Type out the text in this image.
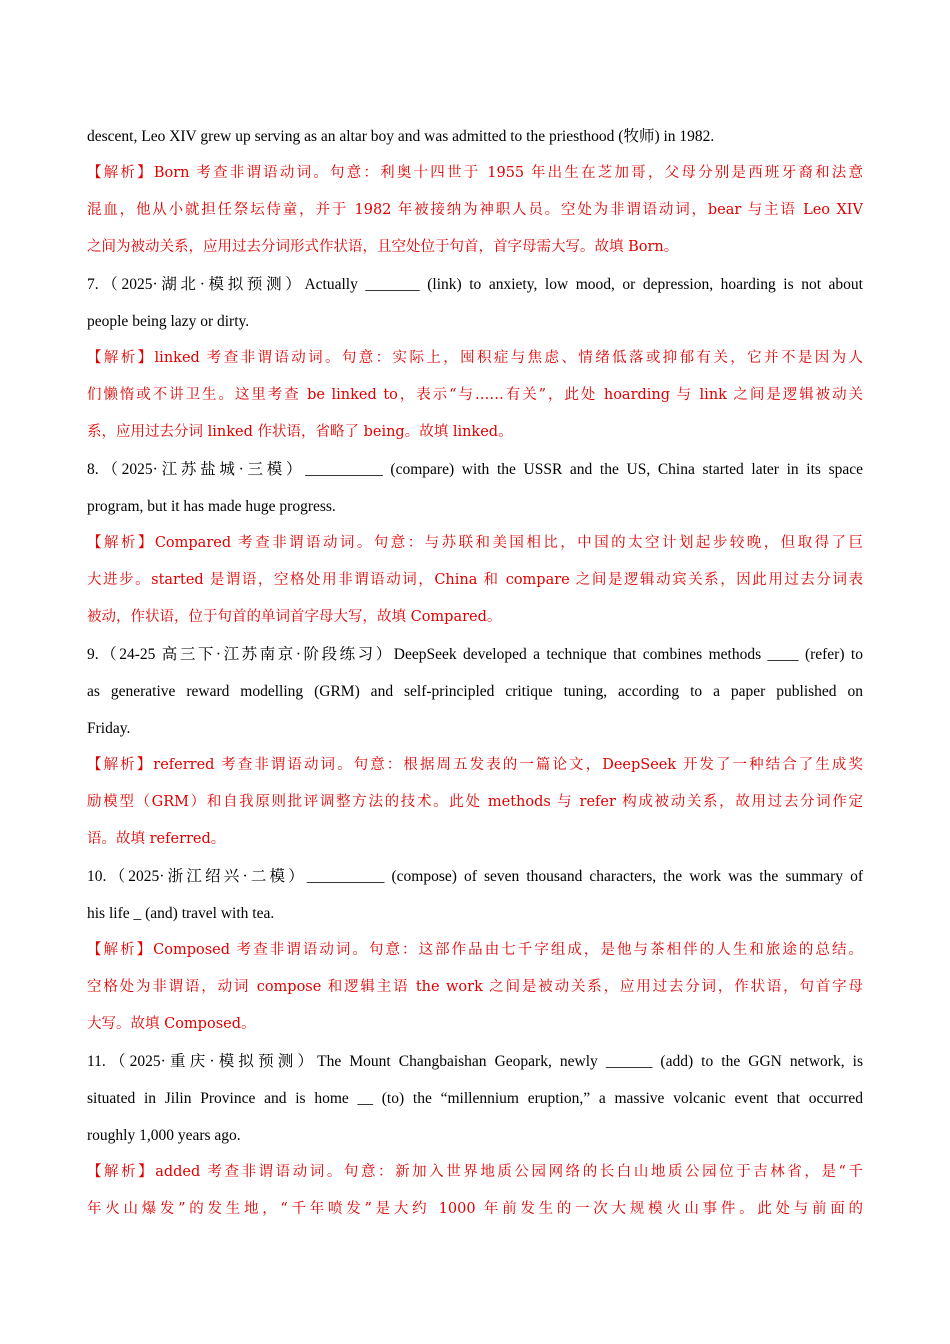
descent, Leo XIV grew up serving as an altar boy and was admitted to the priesthood (牧师) in 1982.
【解析】Born 考查非谓语动词。句意：利奥十四世于 1955 年出生在芝加哥，父母分别是西班牙裔和法意
混血，他从小就担任祭坛侍童，并于 1982 年被接纳为神职人员。空处为非谓语动词，bear 与主语 Leo XIV
之间为被动关系，应用过去分词形式作状语，且空处位于句首，首字母需大写。故填 Born。
7.（2025·湖北·模拟预测）Actually _______ (link) to anxiety, low mood, or depression, hoarding is not about
people being lazy or dirty.
【解析】linked 考查非谓语动词。句意：实际上，囤积症与焦虑、情绪低落或抑郁有关，它并不是因为人
们懒惰或不讲卫生。这里考查 be linked to，表示“与……有关”，此处 hoarding 与 link 之间是逻辑被动关
系，应用过去分词 linked 作状语，省略了 being。故填 linked。
8.（2025·江苏盐城·三模）__________ (compare) with the USSR and the US, China started later in its space
program, but it has made huge progress.
【解析】Compared 考查非谓语动词。句意：与苏联和美国相比，中国的太空计划起步较晚，但取得了巨
大进步。started 是谓语，空格处用非谓语动词，China 和 compare 之间是逻辑动宾关系，因此用过去分词表
被动，作状语，位于句首的单词首字母大写，故填 Compared。
9.（24-25 高三下·江苏南京·阶段练习）DeepSeek developed a technique that combines methods ____ (refer) to
as generative reward modelling (GRM) and self-principled critique tuning, according to a paper published on
Friday.
【解析】referred 考查非谓语动词。句意：根据周五发表的一篇论文，DeepSeek 开发了一种结合了生成奖
励模型（GRM）和自我原则批评调整方法的技术。此处 methods 与 refer 构成被动关系，故用过去分词作定
语。故填 referred。
10.（2025·浙江绍兴·二模）__________ (compose) of seven thousand characters, the work was the summary of
his life _ (and) travel with tea.
【解析】Composed 考查非谓语动词。句意：这部作品由七千字组成，是他与茶相伴的人生和旅途的总结。
空格处为非谓语，动词 compose 和逻辑主语 the work 之间是被动关系，应用过去分词，作状语，句首字母
大写。故填 Composed。
11.（2025·重庆·模拟预测）The Mount Changbaishan Geopark, newly ______ (add) to the GGN network, is
situated in Jilin Province and is home __ (to) the “millennium eruption,” a massive volcanic event that occurred
roughly 1,000 years ago.
【解析】added 考查非谓语动词。句意：新加入世界地质公园网络的长白山地质公园位于吉林省，是“千
年火山爆发”的发生地，“千年喷发”是大约 1000 年前发生的一次大规模火山事件。此处与前面的
